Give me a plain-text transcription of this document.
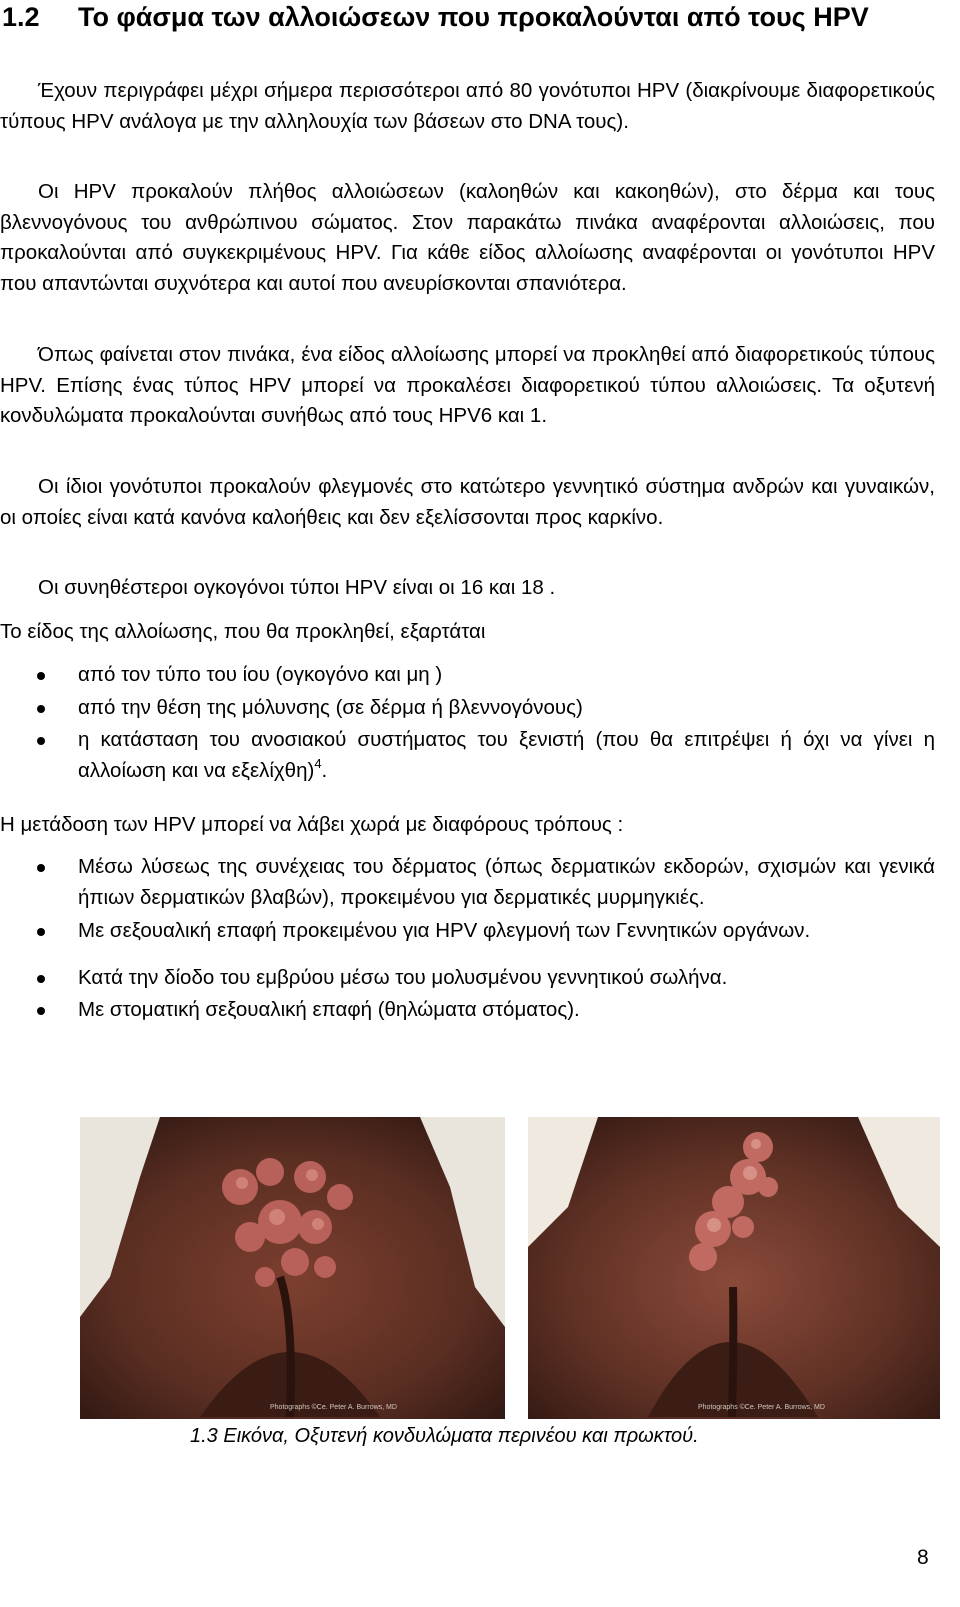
1.2 Το φάσμα των αλλοιώσεων που προκαλούνται από τους HPV

Έχουν περιγράφει μέχρι σήμερα περισσότεροι από 80 γονότυποι HPV (διακρίνουμε διαφορετικούς τύπους HPV ανάλογα με την αλληλουχία των βάσεων στο DNA τους).

Οι HPV προκαλούν πλήθος αλλοιώσεων (καλοηθών και κακοηθών), στο δέρμα και τους βλεννογόνους του ανθρώπινου σώματος. Στον παρακάτω πινάκα αναφέρονται αλλοιώσεις, που προκαλούνται από συγκεκριμένους HPV. Για κάθε είδος αλλοίωσης αναφέρονται οι γονότυποι HPV που απαντώνται συχνότερα και αυτοί που ανευρίσκονται σπανιότερα.

Όπως φαίνεται στον πινάκα, ένα είδος αλλοίωσης μπορεί να προκληθεί από διαφορετικούς τύπους HPV. Επίσης ένας τύπος HPV μπορεί να προκαλέσει διαφορετικού τύπου αλλοιώσεις. Τα οξυτενή κονδυλώματα προκαλούνται συνήθως από τους HPV6 και 1.

Οι ίδιοι γονότυποι προκαλούν φλεγμονές στο κατώτερο γεννητικό σύστημα ανδρών και γυναικών, οι οποίες είναι κατά κανόνα καλοήθεις και δεν εξελίσσονται προς καρκίνο.

Οι συνηθέστεροι ογκογόνοι τύποι HPV είναι οι 16 και 18 .

Το είδος της αλλοίωσης, που θα προκληθεί, εξαρτάται

από τον τύπο του ίου (ογκογόνο και μη )
από την θέση της μόλυνσης (σε δέρμα ή βλεννογόνους)
η κατάσταση του ανοσιακού συστήματος του ξενιστή (που θα επιτρέψει ή όχι να γίνει η αλλοίωση και να εξελίχθη)$^4$.

Η μετάδοση των HPV μπορεί να λάβει χωρά με διαφόρους τρόπους :

Μέσω λύσεως της συνέχειας του δέρματος (όπως δερματικών εκδορών, σχισμών και γενικά ήπιων δερματικών βλαβών), προκειμένου για δερματικές μυρμηγκιές.
Με σεξουαλική επαφή προκειμένου για HPV φλεγμονή των Γεννητικών οργάνων.
Κατά την δίοδο του εμβρύου μέσω του μολυσμένου γεννητικού σωλήνα.
Με στοματική σεξουαλική επαφή (θηλώματα στόματος).
Photographs ©Ce. Peter A. Burrows, MD	Photographs ©Ce. Peter A. Burrows, MD
1.3 Εικόνα, Οξυτενή κονδυλώματα περινέου και πρωκτού.
8
